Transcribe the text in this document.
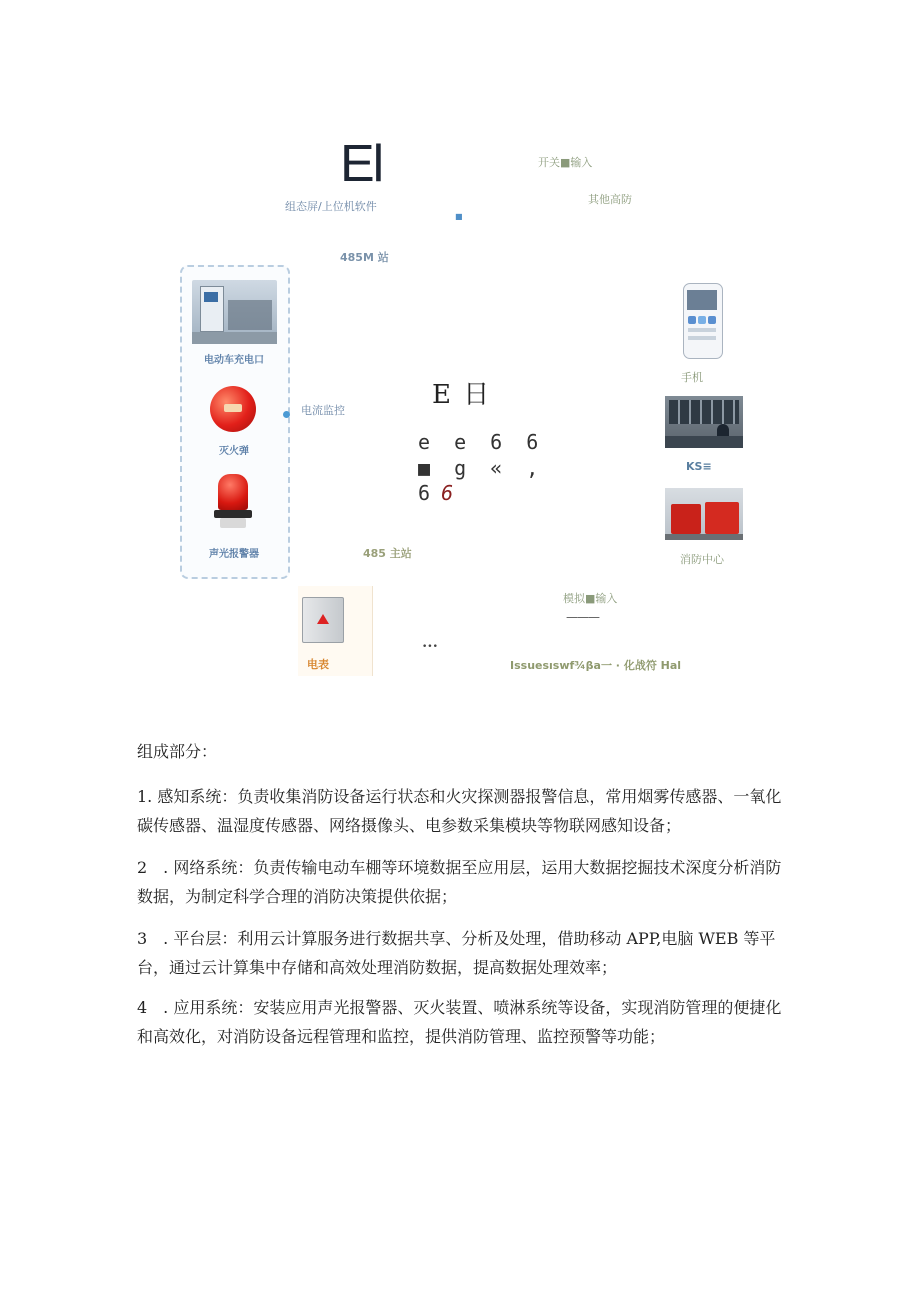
El
组态屏/上位机软件
开关■输入
其他高防
■
485M 站
电动车充电口
灭火弹
声光报警器
电流监控
E 日
e e 6 6
■ g « ,
6 6
485 主站
电表
•••
手机
KS≡
消防中心
模拟■输入
———
Issuesıswf¾βa一 · 化战符 Hal
组成部分：
1. 感知系统：负责收集消防设备运行状态和火灾探测器报警信息，常用烟雾传感器、一氧化碳传感器、温湿度传感器、网络摄像头、电参数采集模块等物联网感知设备；
2　. 网络系统：负责传输电动车棚等环境数据至应用层，运用大数据挖掘技术深度分析消防数据，为制定科学合理的消防决策提供依据；
3　. 平台层：利用云计算服务进行数据共享、分析及处理，借助移动 APP,电脑 WEB 等平台，通过云计算集中存储和高效处理消防数据，提高数据处理效率；
4　. 应用系统：安装应用声光报警器、灭火装置、喷淋系统等设备，实现消防管理的便捷化和高效化，对消防设备远程管理和监控，提供消防管理、监控预警等功能；
